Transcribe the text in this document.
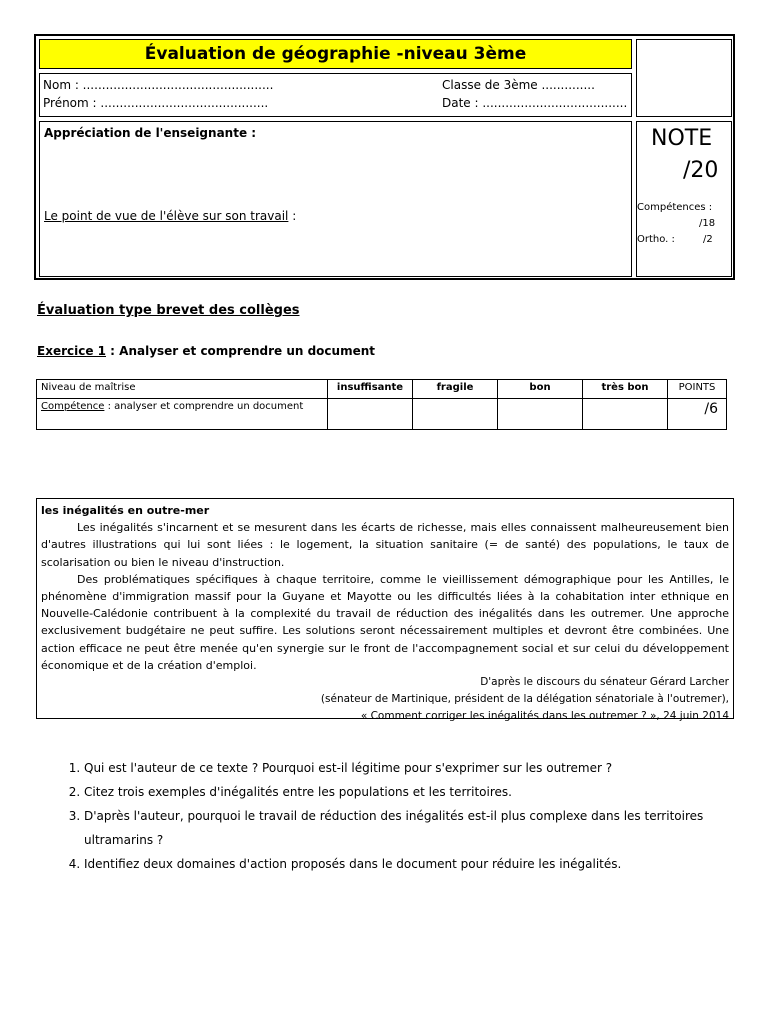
Évaluation de géographie -niveau 3ème
Nom : ..................................................
Prénom : ............................................
Classe de 3ème ..............
Date : ......................................
Appréciation de l'enseignante :
Le point de vue de l'élève sur son travail :
NOTE
/20
Compétences :
/18
Ortho. :	/2
Évaluation type brevet des collèges
Exercice 1 : Analyser et comprendre un document
Niveau de maîtrise	insuffisante	fragile	bon	très bon	POINTS
Compétence : analyser et comprendre un document					/6
les inégalités en outre-mer

Les inégalités s'incarnent et se mesurent dans les écarts de richesse, mais elles connaissent malheureusement bien d'autres illustrations qui lui sont liées : le logement, la situation sanitaire (= de santé) des populations, le taux de scolarisation ou bien le niveau d'instruction.

Des problématiques spécifiques à chaque territoire, comme le vieillissement démographique pour les Antilles, le phénomène d'immigration massif pour la Guyane et Mayotte ou les difficultés liées à la cohabitation inter ethnique en Nouvelle-Calédonie contribuent à la complexité du travail de réduction des inégalités dans les outremer. Une approche exclusivement budgétaire ne peut suffire. Les solutions seront nécessairement multiples et devront être combinées. Une action efficace ne peut être menée qu'en synergie sur le front de l'accompagnement social et sur celui du développement économique et de la création d'emploi.

D'après le discours du sénateur Gérard Larcher
(sénateur de Martinique, président de la délégation sénatoriale à l'outremer),
« Comment corriger les inégalités dans les outremer ? », 24 juin 2014
1. Qui est l'auteur de ce texte ? Pourquoi est-il légitime pour s'exprimer sur les outremer ?
2. Citez trois exemples d'inégalités entre les populations et les territoires.
3. D'après l'auteur, pourquoi le travail de réduction des inégalités est-il plus complexe dans les territoires ultramarins ?
4. Identifiez deux domaines d'action proposés dans le document pour réduire les inégalités.
